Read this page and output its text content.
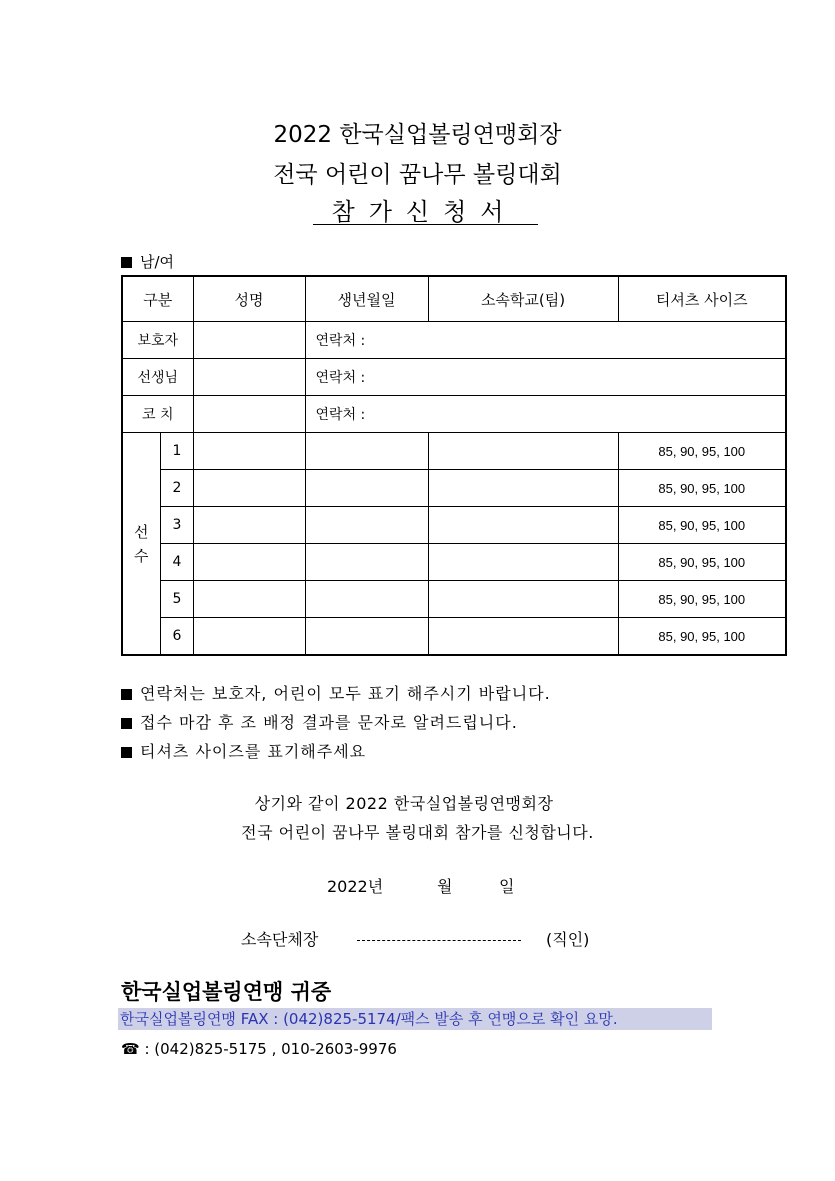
2022 한국실업볼링연맹회장
전국 어린이 꿈나무 볼링대회
참가신청서
남/여
구분		성명	생년월일	소속학교(팀)	티셔츠 사이즈
보호자			연락처 :		
선생님			연락처 :		
코 치			연락처 :		
선
수	1				85, 90, 95, 100
	2				85, 90, 95, 100
	3				85, 90, 95, 100
	4				85, 90, 95, 100
	5				85, 90, 95, 100
	6				85, 90, 95, 100
연락처는 보호자, 어린이 모두 표기 해주시기 바랍니다.
접수 마감 후 조 배정 결과를 문자로 알려드립니다.
티셔츠 사이즈를 표기해주세요
상기와 같이 2022 한국실업볼링연맹회장
전국 어린이 꿈나무 볼링대회 참가를 신청합니다.
2022년	월	일
소속단체장	(직인)
한국실업볼링연맹 귀중
한국실업볼링연맹 FAX : (042)825-5174/팩스 발송 후 연맹으로 확인 요망.
☎ : (042)825-5175 , 010-2603-9976
